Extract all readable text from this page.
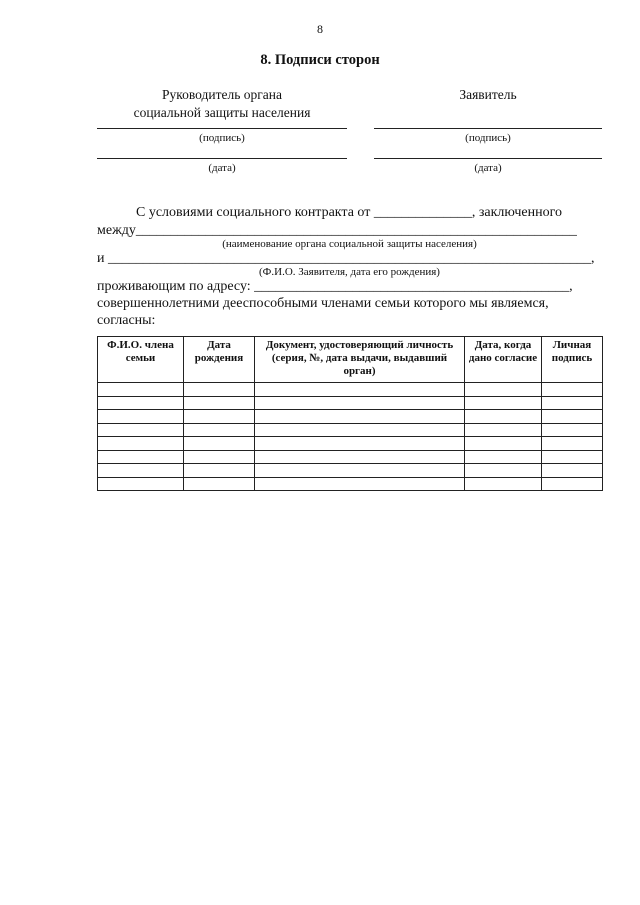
8
8. Подписи сторон
Руководитель органа
социальной защиты населения
(подпись)
(дата)
Заявитель
(подпись)
(дата)
С условиями социального контракта от ______________, заключенного
между_______________________________________________________________
(наименование органа социальной защиты населения)
и _____________________________________________________________________,
(Ф.И.О. Заявителя, дата его рождения)
проживающим по адресу: _____________________________________________,
совершеннолетними дееспособными членами семьи которого мы являемся,
согласны:
Ф.И.О. члена семьи	Дата рождения	Документ, удостоверяющий личность (серия, №, дата выдачи, выдавший орган)	Дата, когда дано согласие	Личная подпись
